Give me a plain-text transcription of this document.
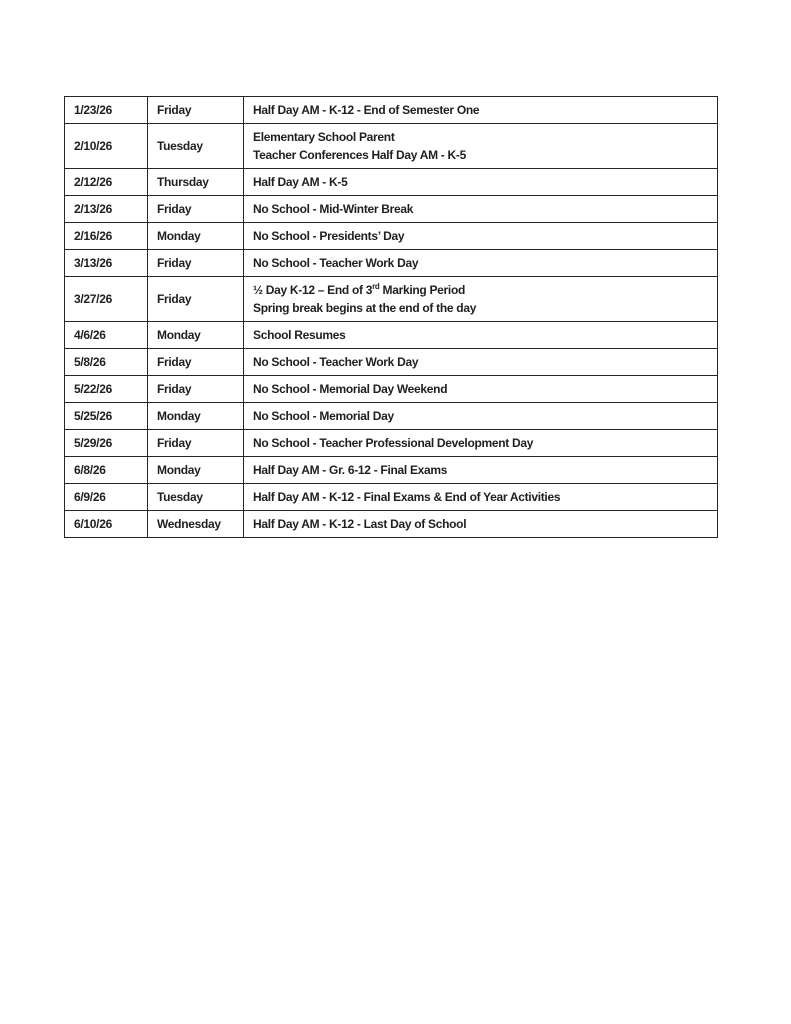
1/23/26	Friday	Half Day AM - K-12 - End of Semester One

2/10/26	Tuesday	Elementary School Parent
Teacher Conferences Half Day AM - K-5

2/12/26	Thursday	Half Day AM - K-5

2/13/26	Friday	No School - Mid-Winter Break

2/16/26	Monday	No School - Presidents’ Day

3/13/26	Friday	No School - Teacher Work Day

3/27/26	Friday	½ Day K-12 – End of 3rd Marking Period
Spring break begins at the end of the day

4/6/26	Monday	School Resumes

5/8/26	Friday	No School - Teacher Work Day

5/22/26	Friday	No School - Memorial Day Weekend

5/25/26	Monday	No School - Memorial Day

5/29/26	Friday	No School - Teacher Professional Development Day

6/8/26	Monday	Half Day AM - Gr. 6-12 - Final Exams

6/9/26	Tuesday	Half Day AM - K-12 - Final Exams & End of Year Activities

6/10/26	Wednesday	Half Day AM - K-12 - Last Day of School
